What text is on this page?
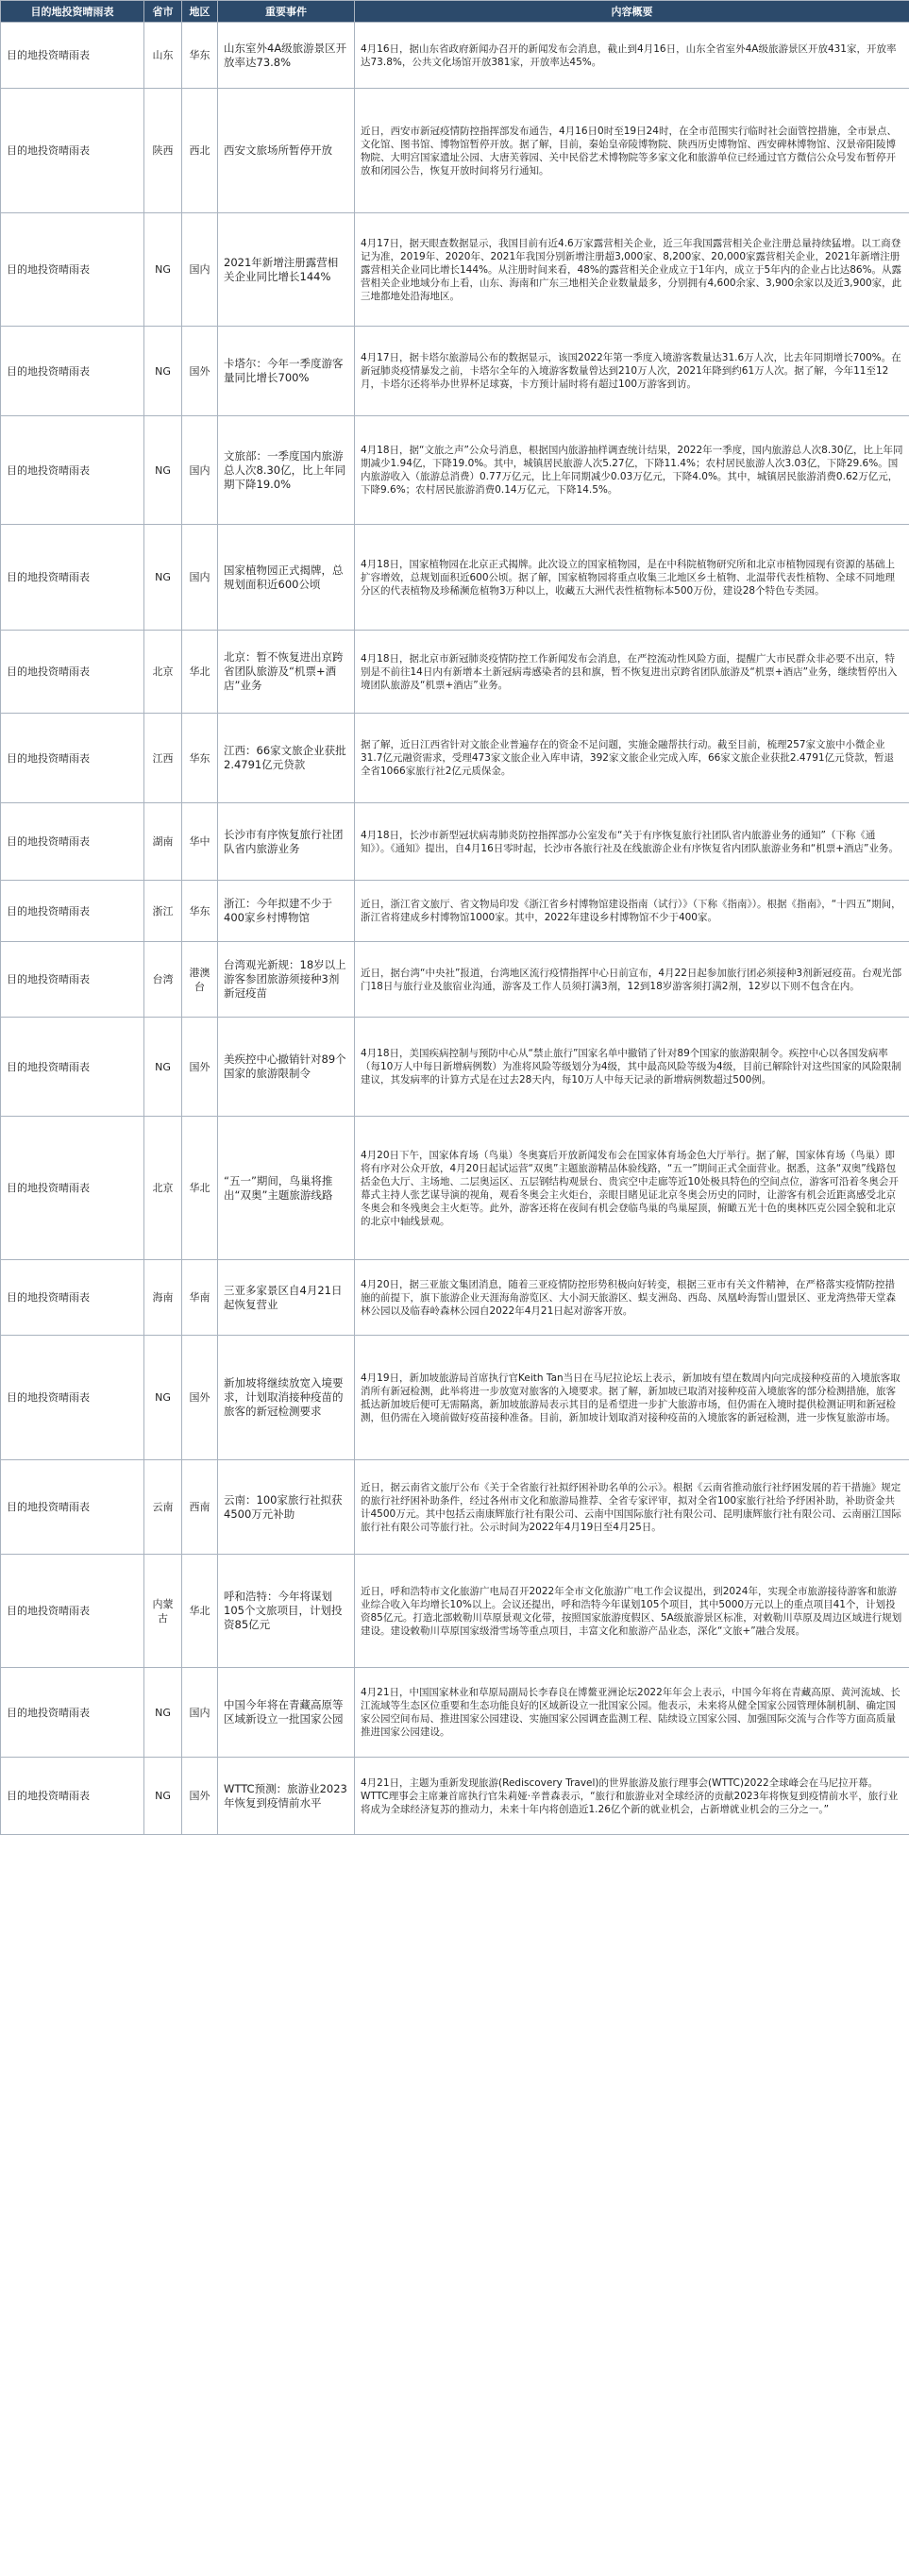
目的地投资晴雨表	省市	地区	重要事件	内容概要
目的地投资晴雨表	山东	华东	山东室外4A级旅游景区开放率达73.8%	4月16日，据山东省政府新闻办召开的新闻发布会消息，截止到4月16日，山东全省室外4A级旅游景区开放431家，开放率达73.8%，公共文化场馆开放381家，开放率达45%。
目的地投资晴雨表	陕西	西北	西安文旅场所暂停开放	近日，西安市新冠疫情防控指挥部发布通告，4月16日0时至19日24时，在全市范围实行临时社会面管控措施，全市景点、文化馆、图书馆、博物馆暂停开放。据了解，目前，秦始皇帝陵博物院、陕西历史博物馆、西安碑林博物馆、汉景帝阳陵博物院、大明宫国家遗址公园、大唐芙蓉园、关中民俗艺术博物院等多家文化和旅游单位已经通过官方微信公众号发布暂停开放和闭园公告，恢复开放时间将另行通知。
目的地投资晴雨表	NG	国内	2021年新增注册露营相关企业同比增长144%	4月17日，据天眼查数据显示，我国目前有近4.6万家露营相关企业，近三年我国露营相关企业注册总量持续猛增。以工商登记为准，2019年、2020年、2021年我国分别新增注册超3,000家、8,200家、20,000家露营相关企业，2021年新增注册露营相关企业同比增长144%。从注册时间来看，48%的露营相关企业成立于1年内，成立于5年内的企业占比达86%。从露营相关企业地域分布上看，山东、海南和广东三地相关企业数量最多，分别拥有4,600余家、3,900余家以及近3,900家，此三地都地处沿海地区。
目的地投资晴雨表	NG	国外	卡塔尔：今年一季度游客量同比增长700%	4月17日，据卡塔尔旅游局公布的数据显示，该国2022年第一季度入境游客数量达31.6万人次，比去年同期增长700%。在新冠肺炎疫情暴发之前，卡塔尔全年的入境游客数量曾达到210万人次，2021年降到约61万人次。据了解，今年11至12月，卡塔尔还将举办世界杯足球赛，卡方预计届时将有超过100万游客到访。
目的地投资晴雨表	NG	国内	文旅部：一季度国内旅游总人次8.30亿，比上年同期下降19.0%	4月18日，据“文旅之声”公众号消息，根据国内旅游抽样调查统计结果，2022年一季度，国内旅游总人次8.30亿，比上年同期减少1.94亿，下降19.0%。其中，城镇居民旅游人次5.27亿，下降11.4%；农村居民旅游人次3.03亿，下降29.6%。国内旅游收入（旅游总消费）0.77万亿元，比上年同期减少0.03万亿元，下降4.0%。其中，城镇居民旅游消费0.62万亿元，下降9.6%；农村居民旅游消费0.14万亿元，下降14.5%。
目的地投资晴雨表	NG	国内	国家植物园正式揭牌，总规划面积近600公顷	4月18日，国家植物园在北京正式揭牌。此次设立的国家植物园，是在中科院植物研究所和北京市植物园现有资源的基础上扩容增效，总规划面积近600公顷。据了解，国家植物园将重点收集三北地区乡土植物、北温带代表性植物、全球不同地理分区的代表植物及珍稀濒危植物3万种以上，收藏五大洲代表性植物标本500万份，建设28个特色专类园。
目的地投资晴雨表	北京	华北	北京：暂不恢复进出京跨省团队旅游及“机票+酒店”业务	4月18日，据北京市新冠肺炎疫情防控工作新闻发布会消息，在严控流动性风险方面，提醒广大市民群众非必要不出京，特别是不前往14日内有新增本土新冠病毒感染者的县和旗，暂不恢复进出京跨省团队旅游及“机票+酒店”业务，继续暂停出入境团队旅游及“机票+酒店”业务。
目的地投资晴雨表	江西	华东	江西：66家文旅企业获批2.4791亿元贷款	据了解，近日江西省针对文旅企业普遍存在的资金不足问题，实施金融帮扶行动。截至目前，梳理257家文旅中小微企业31.7亿元融资需求，受理473家文旅企业入库申请，392家文旅企业完成入库，66家文旅企业获批2.4791亿元贷款，暂退全省1066家旅行社2亿元质保金。
目的地投资晴雨表	湖南	华中	长沙市有序恢复旅行社团队省内旅游业务	4月18日，长沙市新型冠状病毒肺炎防控指挥部办公室发布“关于有序恢复旅行社团队省内旅游业务的通知”（下称《通知》）。《通知》提出，自4月16日零时起，长沙市各旅行社及在线旅游企业有序恢复省内团队旅游业务和“机票+酒店”业务。
目的地投资晴雨表	浙江	华东	浙江：今年拟建不少于400家乡村博物馆	近日，浙江省文旅厅、省文物局印发《浙江省乡村博物馆建设指南（试行）》（下称《指南》）。根据《指南》，“十四五”期间，浙江省将建成乡村博物馆1000家。其中，2022年建设乡村博物馆不少于400家。
目的地投资晴雨表	台湾	港澳台	台湾观光新规：18岁以上游客参团旅游须接种3剂新冠疫苗	近日，据台湾“中央社”报道，台湾地区流行疫情指挥中心日前宣布，4月22日起参加旅行团必须接种3剂新冠疫苗。台观光部门18日与旅行业及旅宿业沟通，游客及工作人员须打满3剂，12到18岁游客须打满2剂，12岁以下则不包含在内。
目的地投资晴雨表	NG	国外	美疾控中心撤销针对89个国家的旅游限制令	4月18日，美国疾病控制与预防中心从“禁止旅行”国家名单中撤销了针对89个国家的旅游限制令。疾控中心以各国发病率（每10万人中每日新增病例数）为准将风险等级划分为4级，其中最高风险等级为4级，目前已解除针对这些国家的风险限制建议，其发病率的计算方式是在过去28天内，每10万人中每天记录的新增病例数超过500例。
目的地投资晴雨表	北京	华北	“五一”期间，鸟巢将推出“双奥”主题旅游线路	4月20日下午，国家体育场（鸟巢）冬奥赛后开放新闻发布会在国家体育场金色大厅举行。据了解，国家体育场（鸟巢）即将有序对公众开放，4月20日起试运营“双奥”主题旅游精品体验线路，“五一”期间正式全面营业。据悉，这条“双奥”线路包括金色大厅、主场地、二层奥运区、五层钢结构观景台、贵宾空中走廊等近10处极具特色的空间点位，游客可沿着冬奥会开幕式主持人张艺谋导演的视角，观看冬奥会主火炬台，亲眼目睹见证北京冬奥会历史的同时，让游客有机会近距离感受北京冬奥会和冬残奥会主火炬等。此外，游客还将在夜间有机会登临鸟巢的鸟巢屋顶，俯瞰五光十色的奥林匹克公园全貌和北京的北京中轴线景观。
目的地投资晴雨表	海南	华南	三亚多家景区自4月21日起恢复营业	4月20日，据三亚旅文集团消息，随着三亚疫情防控形势积极向好转变，根据三亚市有关文件精神，在严格落实疫情防控措施的前提下，旗下旅游企业天涯海角游览区、大小洞天旅游区、蜈支洲岛、西岛、凤凰岭海誓山盟景区、亚龙湾热带天堂森林公园以及临春岭森林公园自2022年4月21日起对游客开放。
目的地投资晴雨表	NG	国外	新加坡将继续放宽入境要求，计划取消接种疫苗的旅客的新冠检测要求	4月19日，新加坡旅游局首席执行官Keith Tan当日在马尼拉论坛上表示，新加坡有望在数周内向完成接种疫苗的入境旅客取消所有新冠检测，此举将进一步放宽对旅客的入境要求。据了解，新加坡已取消对接种疫苗入境旅客的部分检测措施，旅客抵达新加坡后便可无需隔离，新加坡旅游局表示其目的是希望进一步扩大旅游市场，但仍需在入境时提供检测证明和新冠检测，但仍需在入境前做好疫苗接种准备。目前，新加坡计划取消对接种疫苗的入境旅客的新冠检测，进一步恢复旅游市场。
目的地投资晴雨表	云南	西南	云南：100家旅行社拟获4500万元补助	近日，据云南省文旅厅公布《关于全省旅行社拟纾困补助名单的公示》。根据《云南省推动旅行社纾困发展的若干措施》规定的旅行社纾困补助条件，经过各州市文化和旅游局推荐、全省专家评审，拟对全省100家旅行社给予纾困补助，补助资金共计4500万元。其中包括云南康辉旅行社有限公司、云南中国国际旅行社有限公司、昆明康辉旅行社有限公司、云南丽江国际旅行社有限公司等旅行社。公示时间为2022年4月19日至4月25日。
目的地投资晴雨表	内蒙古	华北	呼和浩特：今年将谋划105个文旅项目，计划投资85亿元	近日，呼和浩特市文化旅游广电局召开2022年全市文化旅游广电工作会议提出，到2024年，实现全市旅游接待游客和旅游业综合收入年均增长10%以上。会议还提出，呼和浩特今年谋划105个项目，其中5000万元以上的重点项目41个，计划投资85亿元。打造北部敕勒川草原景观文化带，按照国家旅游度假区、5A级旅游景区标准，对敕勒川草原及周边区域进行规划建设。建设敕勒川草原国家级滑雪场等重点项目，丰富文化和旅游产品业态，深化“文旅+”融合发展。
目的地投资晴雨表	NG	国内	中国今年将在青藏高原等区域新设立一批国家公园	4月21日，中国国家林业和草原局副局长李春良在博鳌亚洲论坛2022年年会上表示，中国今年将在青藏高原、黄河流域、长江流域等生态区位重要和生态功能良好的区域新设立一批国家公园。他表示，未来将从健全国家公园管理体制机制、确定国家公园空间布局、推进国家公园建设、实施国家公园调查监测工程、陆续设立国家公园、加强国际交流与合作等方面高质量推进国家公园建设。
目的地投资晴雨表	NG	国外	WTTC预测：旅游业2023年恢复到疫情前水平	4月21日，主题为重新发现旅游(Rediscovery Travel)的世界旅游及旅行理事会(WTTC)2022全球峰会在马尼拉开幕。WTTC理事会主席兼首席执行官朱莉娅·辛普森表示，“旅行和旅游业对全球经济的贡献2023年将恢复到疫情前水平，旅行业将成为全球经济复苏的推动力，未来十年内将创造近1.26亿个新的就业机会，占新增就业机会的三分之一。”
